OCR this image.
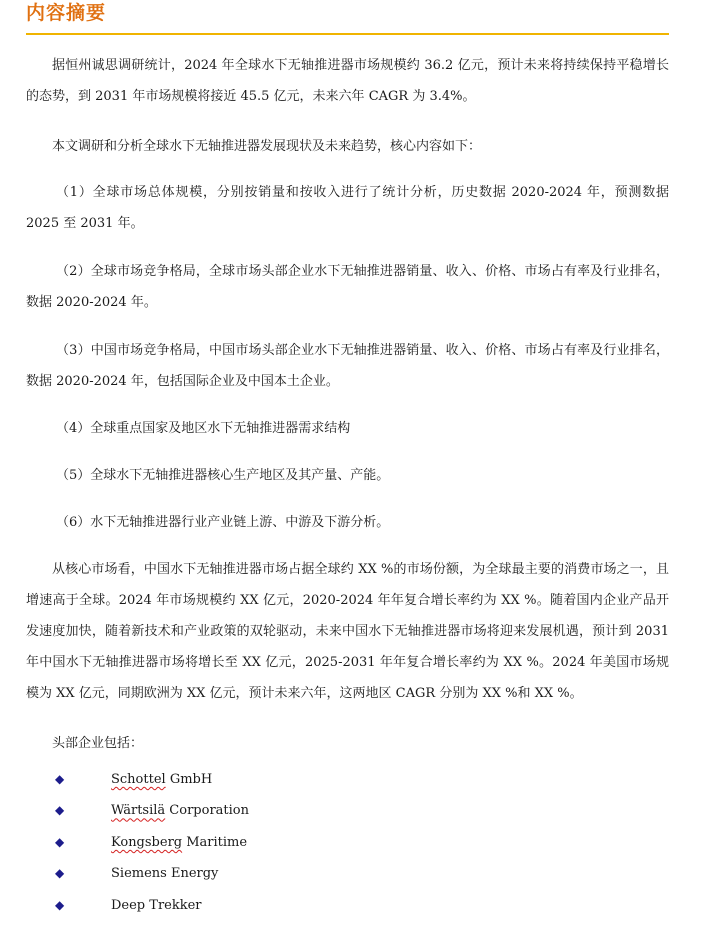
内容摘要

据恒州诚思调研统计，2024 年全球水下无轴推进器市场规模约 36.2 亿元，预计未来将持续保持平稳增长的态势，到 2031 年市场规模将接近 45.5 亿元，未来六年 CAGR 为 3.4%。

本文调研和分析全球水下无轴推进器发展现状及未来趋势，核心内容如下：

（1）全球市场总体规模，分别按销量和按收入进行了统计分析，历史数据 2020-2024 年，预测数据 2025 至 2031 年。

（2）全球市场竞争格局，全球市场头部企业水下无轴推进器销量、收入、价格、市场占有率及行业排名，数据 2020-2024 年。

（3）中国市场竞争格局，中国市场头部企业水下无轴推进器销量、收入、价格、市场占有率及行业排名，数据 2020-2024 年，包括国际企业及中国本土企业。

（4）全球重点国家及地区水下无轴推进器需求结构

（5）全球水下无轴推进器核心生产地区及其产量、产能。

（6）水下无轴推进器行业产业链上游、中游及下游分析。

从核心市场看，中国水下无轴推进器市场占据全球约 XX %的市场份额，为全球最主要的消费市场之一，且增速高于全球。2024 年市场规模约 XX 亿元，2020-2024 年年复合增长率约为 XX %。随着国内企业产品开发速度加快，随着新技术和产业政策的双轮驱动，未来中国水下无轴推进器市场将迎来发展机遇，预计到 2031 年中国水下无轴推进器市场将增长至 XX 亿元，2025-2031 年年复合增长率约为 XX %。2024 年美国市场规模为 XX 亿元，同期欧洲为 XX 亿元，预计未来六年，这两地区 CAGR 分别为 XX %和 XX %。

头部企业包括：

◆	Schottel GmbH
◆	Wärtsilä Corporation
◆	Kongsberg Maritime
◆	Siemens Energy
◆	Deep Trekker
